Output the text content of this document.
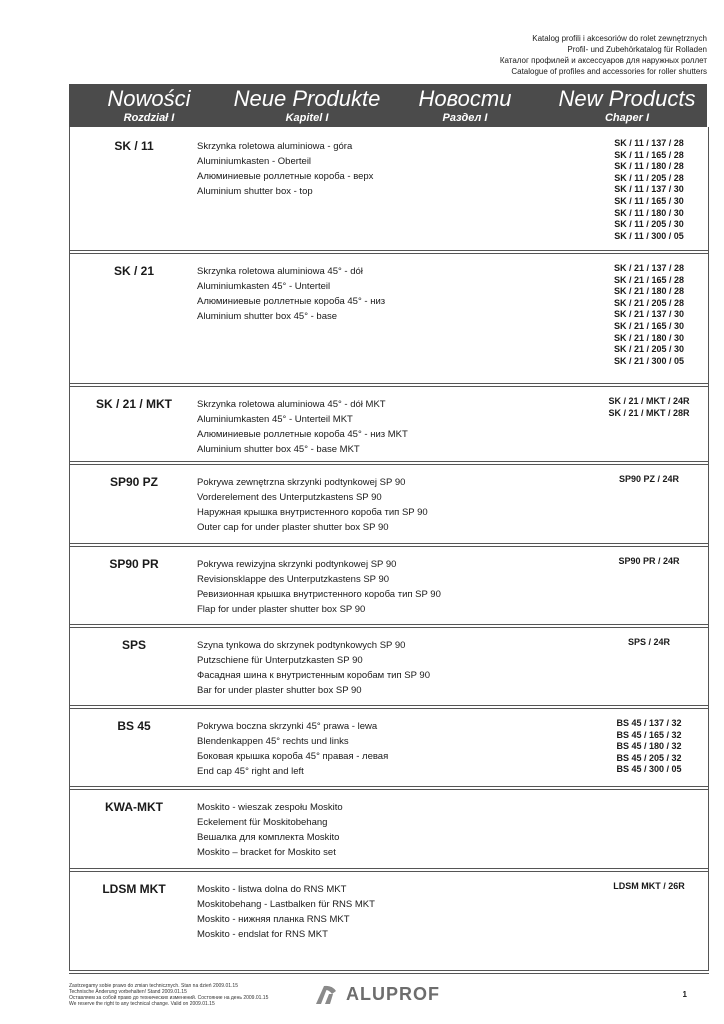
Katalog profili i akcesoriów do rolet zewnętrznych
Profil- und Zubehörkatalog für Rolladen
Каталог профилей и аксессуаров для наружных роллет
Catalogue of profiles and accessories for roller shutters
Nowości
Rozdział I
Neue Produkte
Kapitel I
Новости
Раздел I
New Products
Chaper I
SK / 11	Skrzynka roletowa aluminiowa - góra
Aluminiumkasten - Oberteil
Алюминиевые роллетные короба - верх
Aluminium shutter box - top
SK / 11 / 137 / 28
SK / 11 / 165 / 28
SK / 11 / 180 / 28
SK / 11 / 205 / 28
SK / 11 / 137 / 30
SK / 11 / 165 / 30
SK / 11 / 180 / 30
SK / 11 / 205 / 30
SK / 11 / 300 / 05
SK / 21	Skrzynka roletowa aluminiowa 45° - dół
Aluminiumkasten 45° - Unterteil
Алюминиевые роллетные короба 45° - низ
Aluminium shutter box 45° - base
SK / 21 / 137 / 28
SK / 21 / 165 / 28
SK / 21 / 180 / 28
SK / 21 / 205 / 28
SK / 21 / 137 / 30
SK / 21 / 165 / 30
SK / 21 / 180 / 30
SK / 21 / 205 / 30
SK / 21 / 300 / 05
SK / 21 / MKT	Skrzynka roletowa aluminiowa 45° - dół MKT
Aluminiumkasten 45° - Unterteil MKT
Алюминиевые роллетные короба 45° - низ MKT
Aluminium shutter box 45° - base MKT
SK / 21 / MKT / 24R
SK / 21 / MKT / 28R
SP90 PZ	Pokrywa zewnętrzna skrzynki podtynkowej SP 90
Vorderelement des Unterputzkastens SP 90
Наружная крышка внутристенного короба тип SP 90
Outer cap for under plaster shutter box SP 90
SP90 PZ / 24R
SP90 PR	Pokrywa rewizyjna skrzynki podtynkowej SP 90
Revisionsklappe des Unterputzkastens SP 90
Ревизионная крышка внутристенного короба тип SP 90
Flap for under plaster shutter box SP 90
SP90 PR / 24R
SPS	Szyna tynkowa do skrzynek podtynkowych SP 90
Putzschiene für Unterputzkasten SP 90
Фасадная шина к внутристенным коробам тип SP 90
Bar for under plaster shutter box SP 90
SPS / 24R
BS 45	Pokrywa boczna skrzynki 45° prawa - lewa
Blendenkappen 45° rechts und links
Боковая крышка короба 45° правая - левая
End cap 45° right and left
BS 45 / 137 / 32
BS 45 / 165 / 32
BS 45 / 180 / 32
BS 45 / 205 / 32
BS 45 / 300 / 05
KWA-MKT	Moskito - wieszak zespołu Moskito
Eckelement für Moskitobehang
Вешалка для комплекта Moskito
Moskito – bracket for Moskito set
LDSM MKT	Moskito - listwa dolna do RNS MKT
Moskitobehang - Lastbalken für RNS MKT
Moskito - нижняя планка RNS MKT
Moskito - endslat for RNS MKT
LDSM MKT / 26R
Zastrzegamy sobie prawo do zmian technicznych. Stan na dzień 2009.01.15
Technische Änderung vorbehalten! Stand 2009.01.15
Оставляем за собой право до технических изменений. Состояние на день 2009.01.15
We reserve the right to any technical change. Valid on 2009.01.15	ALUPROF	1
